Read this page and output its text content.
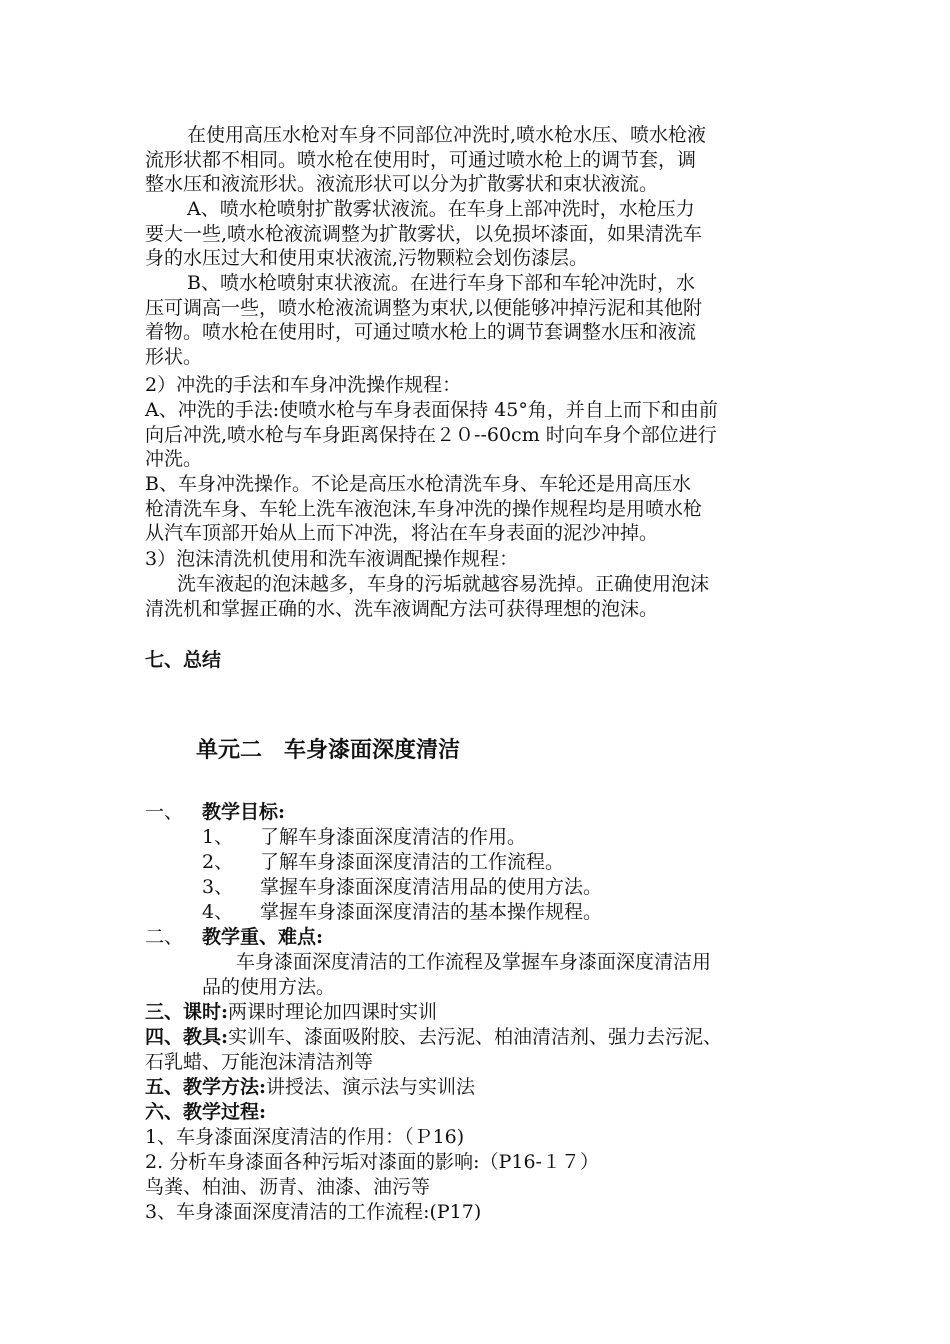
在使用高压水枪对车身不同部位冲洗时,喷水枪水压、喷水枪液
流形状都不相同。喷水枪在使用时，可通过喷水枪上的调节套，调
整水压和液流形状。液流形状可以分为扩散雾状和束状液流。
A、喷水枪喷射扩散雾状液流。在车身上部冲洗时，水枪压力
要大一些,喷水枪液流调整为扩散雾状，以免损坏漆面，如果清洗车
身的水压过大和使用束状液流,污物颗粒会划伤漆层。
B、喷水枪喷射束状液流。在进行车身下部和车轮冲洗时，水
压可调高一些，喷水枪液流调整为束状,以便能够冲掉污泥和其他附
着物。喷水枪在使用时，可通过喷水枪上的调节套调整水压和液流
形状。
2）冲洗的手法和车身冲洗操作规程：
A、冲洗的手法:使喷水枪与车身表面保持 45°角，并自上而下和由前
向后冲洗,喷水枪与车身距离保持在２０--60cm 时向车身个部位进行
冲洗。
B、车身冲洗操作。不论是高压水枪清洗车身、车轮还是用高压水
枪清洗车身、车轮上洗车液泡沫,车身冲洗的操作规程均是用喷水枪
从汽车顶部开始从上而下冲洗，将沾在车身表面的泥沙冲掉。
3）泡沫清洗机使用和洗车液调配操作规程：
洗车液起的泡沫越多，车身的污垢就越容易洗掉。正确使用泡沫
清洗机和掌握正确的水、洗车液调配方法可获得理想的泡沫。
七、总结
单元二　车身漆面深度清洁
一、 教学目标:
1、 了解车身漆面深度清洁的作用。
2、 了解车身漆面深度清洁的工作流程。
3、 掌握车身漆面深度清洁用品的使用方法。
4、 掌握车身漆面深度清洁的基本操作规程。
二、 教学重、难点:
车身漆面深度清洁的工作流程及掌握车身漆面深度清洁用
品的使用方法。
三、课时:两课时理论加四课时实训
四、教具:实训车、漆面吸附胶、去污泥、柏油清洁剂、强力去污泥、
石乳蜡、万能泡沫清洁剂等
五、教学方法:讲授法、演示法与实训法
六、教学过程:
1、车身漆面深度清洁的作用：（Ｐ16)
2. 分析车身漆面各种污垢对漆面的影响:（P16-１７）
鸟粪、柏油、沥青、油漆、油污等
3、车身漆面深度清洁的工作流程:(P17)
